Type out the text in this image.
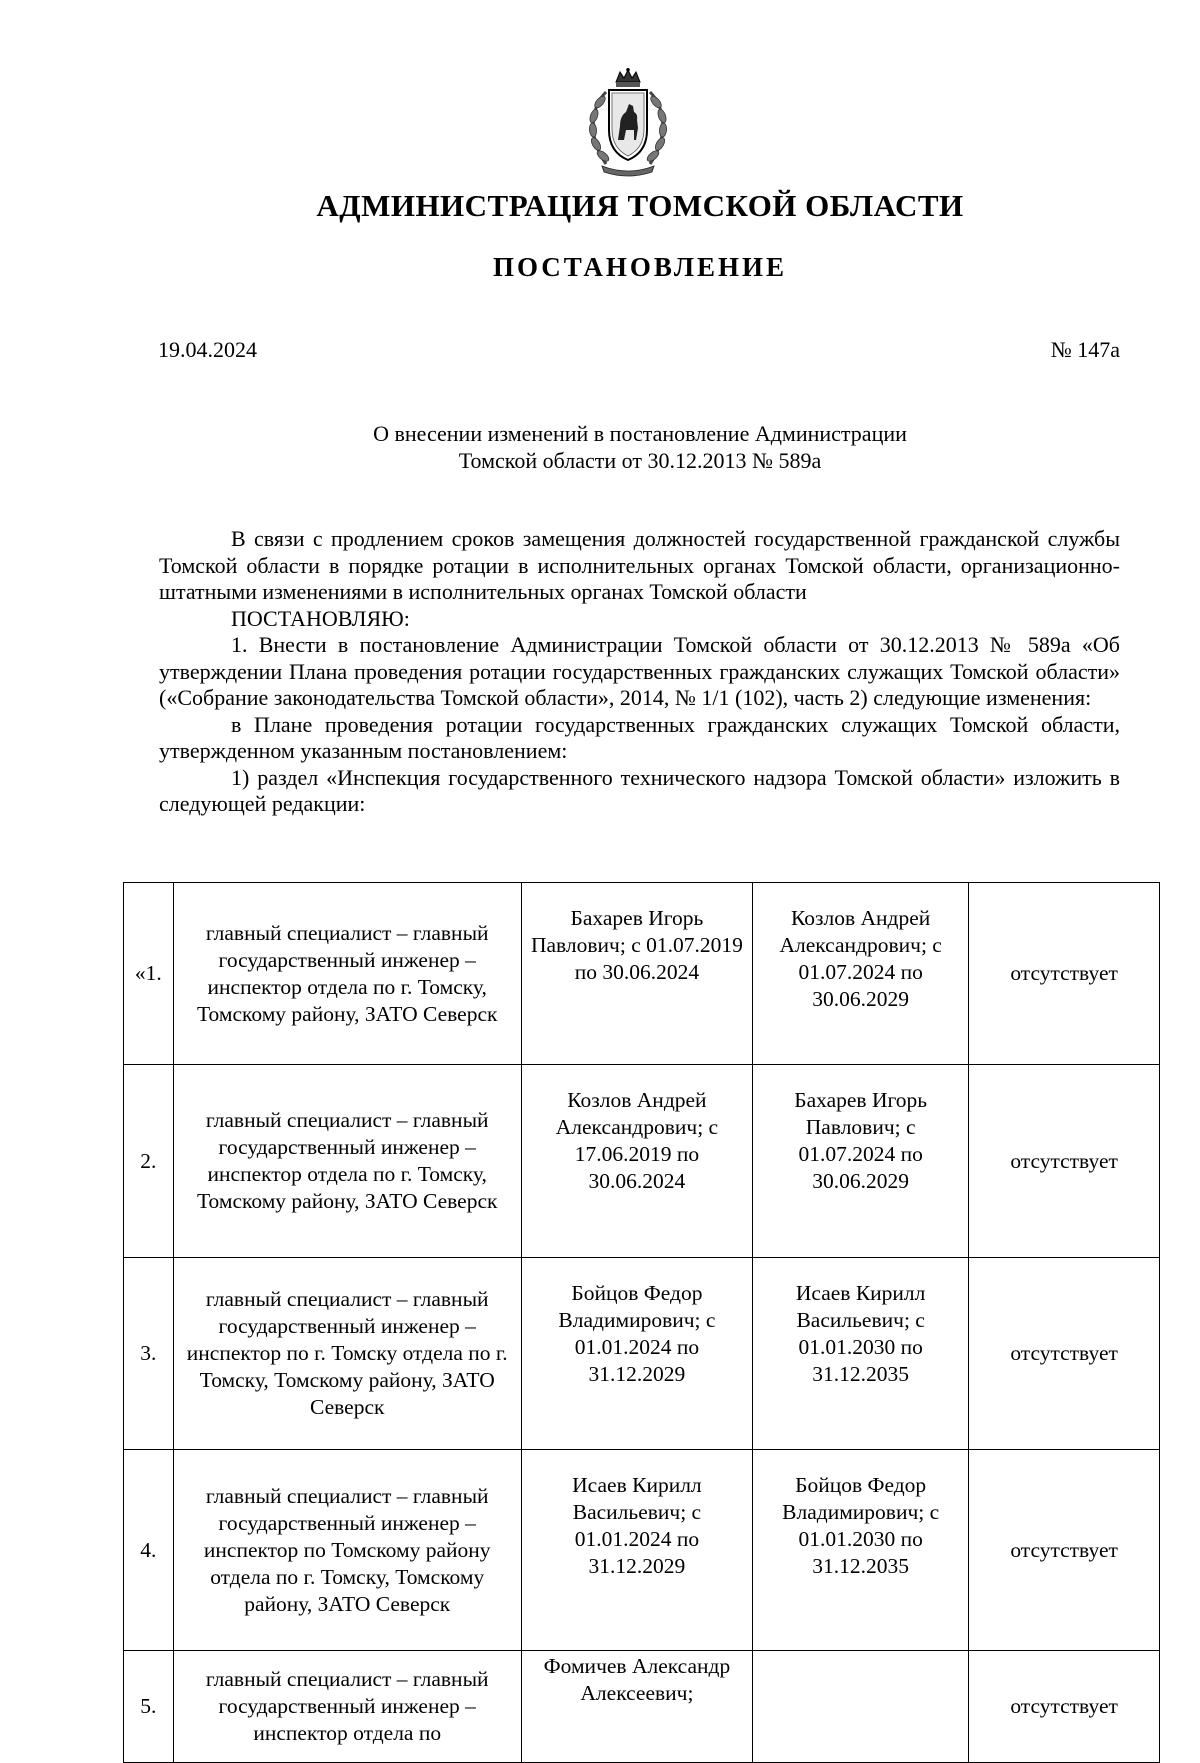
АДМИНИСТРАЦИЯ ТОМСКОЙ ОБЛАСТИ
ПОСТАНОВЛЕНИЕ
19.04.2024	№ 147а
О внесении изменений в постановление Администрации
Томской области от 30.12.2013 № 589а

В связи с продлением сроков замещения должностей государственной гражданской службы Томской области в порядке ротации в исполнительных органах Томской области, организационно-штатными изменениями в исполнительных органах Томской области

ПОСТАНОВЛЯЮ:

1. Внести в постановление Администрации Томской области от 30.12.2013 № 589а «Об утверждении Плана проведения ротации государственных гражданских служащих Томской области» («Собрание законодательства Томской области», 2014, № 1/1 (102), часть 2) следующие изменения:

в Плане проведения ротации государственных гражданских служащих Томской области, утвержденном указанным постановлением:

1) раздел «Инспекция государственного технического надзора Томской области» изложить в следующей редакции:

«1.	главный специалист – главный государственный инженер – инспектор отдела по г. Томску, Томскому району, ЗАТО Северск	Бахарев Игорь Павлович; с 01.07.2019 по 30.06.2024	Козлов Андрей Александрович; с 01.07.2024 по 30.06.2029	отсутствует
2.	главный специалист – главный государственный инженер – инспектор отдела по г. Томску, Томскому району, ЗАТО Северск	Козлов Андрей Александрович; с 17.06.2019 по 30.06.2024	Бахарев Игорь Павлович; с 01.07.2024 по 30.06.2029	отсутствует
3.	главный специалист – главный государственный инженер – инспектор по г. Томску отдела по г. Томску, Томскому району, ЗАТО Северск	Бойцов Федор Владимирович; с 01.01.2024 по 31.12.2029	Исаев Кирилл Васильевич; с 01.01.2030 по 31.12.2035	отсутствует
4.	главный специалист – главный государственный инженер – инспектор по Томскому району отдела по г. Томску, Томскому району, ЗАТО Северск	Исаев Кирилл Васильевич; с 01.01.2024 по 31.12.2029	Бойцов Федор Владимирович; с 01.01.2030 по 31.12.2035	отсутствует
5.	главный специалист – главный государственный инженер – инспектор отдела по	Фомичев Александр Алексеевич;		отсутствует
